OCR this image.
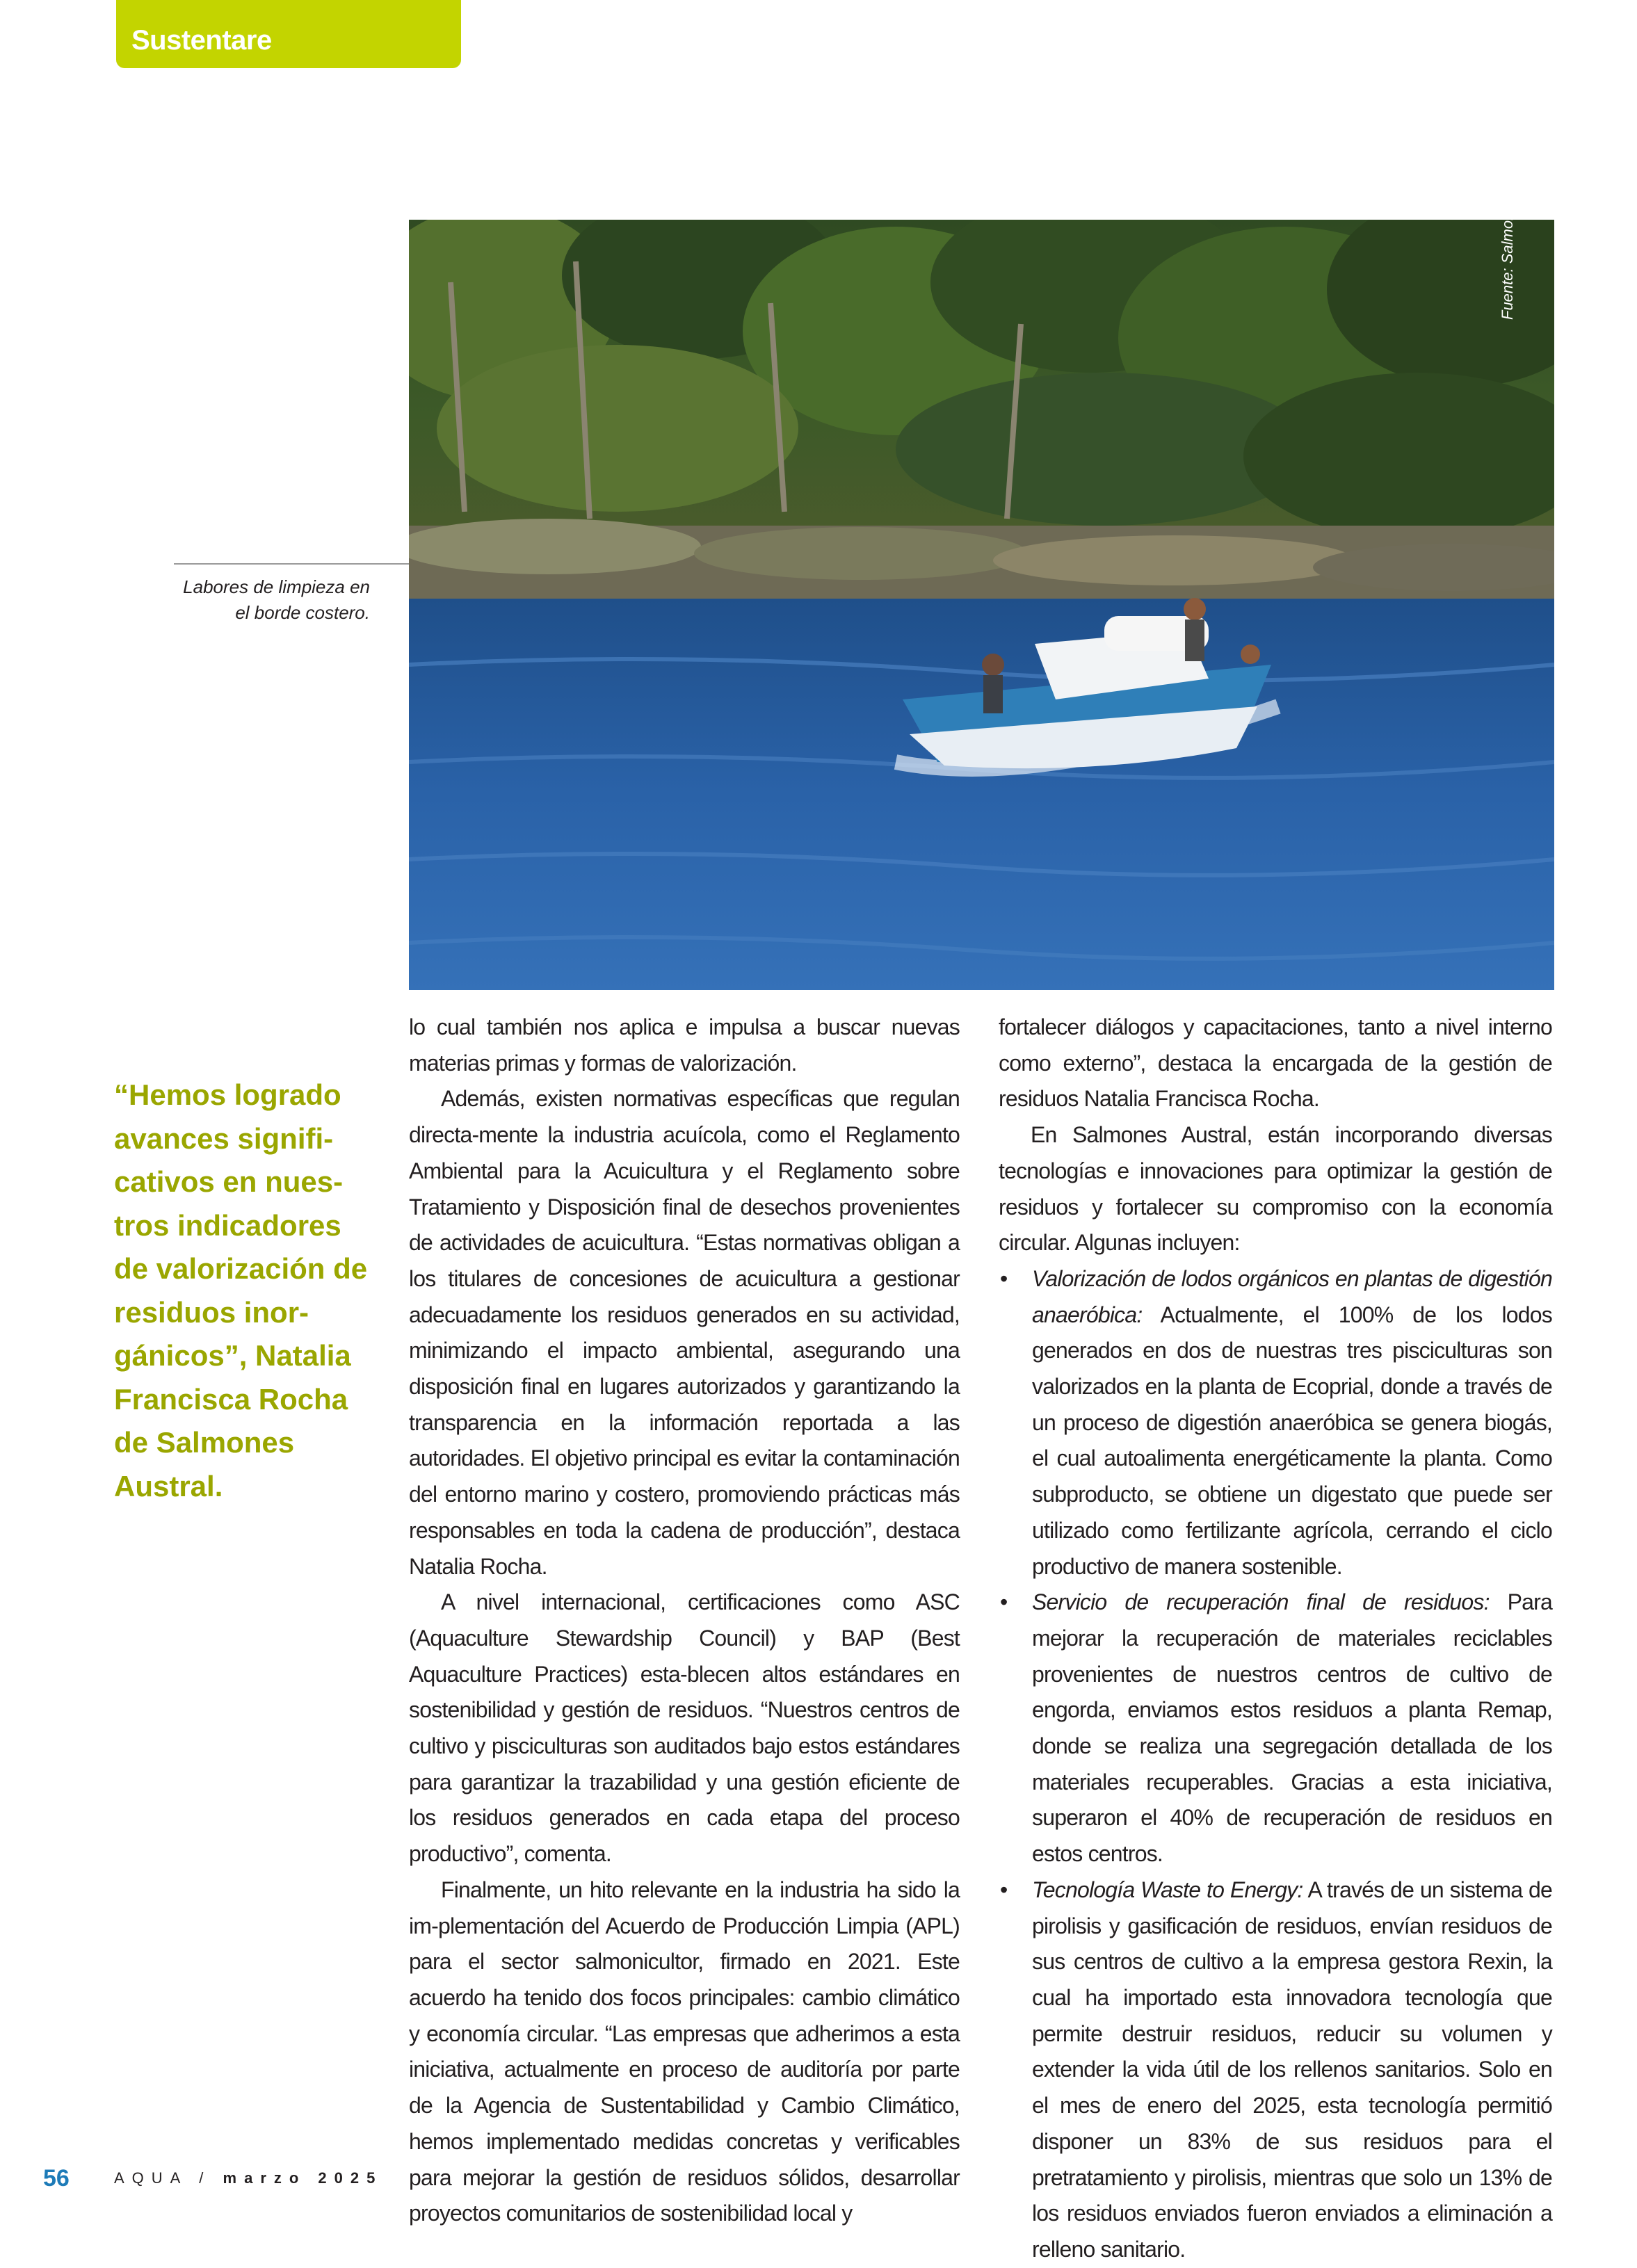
Sustentare
Fuente: SalmonChile.
Labores de limpieza en
el borde costero.
“Hemos logrado avances signifi-cativos en nues-tros indicadores de valorización de residuos inor-gánicos”, Natalia Francisca Rocha de Salmones Austral.

lo cual también nos aplica e impulsa a buscar nuevas materias primas y formas de valorización.

Además, existen normativas específicas que regulan directa-mente la industria acuícola, como el Reglamento Ambiental para la Acuicultura y el Reglamento sobre Tratamiento y Disposición final de desechos provenientes de actividades de acuicultura. “Estas normativas obligan a los titulares de concesiones de acuicultura a gestionar adecuadamente los residuos generados en su actividad, minimizando el impacto ambiental, asegurando una disposición final en lugares autorizados y garantizando la transparencia en la información reportada a las autoridades. El objetivo principal es evitar la contaminación del entorno marino y costero, promoviendo prácticas más responsables en toda la cadena de producción”, destaca Natalia Rocha.

A nivel internacional, certificaciones como ASC (Aquaculture Stewardship Council) y BAP (Best Aquaculture Practices) esta-blecen altos estándares en sostenibilidad y gestión de residuos. “Nuestros centros de cultivo y pisciculturas son auditados bajo estos estándares para garantizar la trazabilidad y una gestión eficiente de los residuos generados en cada etapa del proceso productivo”, comenta.

Finalmente, un hito relevante en la industria ha sido la im-plementación del Acuerdo de Producción Limpia (APL) para el sector salmonicultor, firmado en 2021. Este acuerdo ha tenido dos focos principales: cambio climático y economía circular. “Las empresas que adherimos a esta iniciativa, actualmente en proceso de auditoría por parte de la Agencia de Sustentabilidad y Cambio Climático, hemos implementado medidas concretas y verificables para mejorar la gestión de residuos sólidos, desarrollar proyectos comunitarios de sostenibilidad local y

fortalecer diálogos y capacitaciones, tanto a nivel interno como externo”, destaca la encargada de la gestión de residuos Natalia Francisca Rocha.

En Salmones Austral, están incorporando diversas tecnologías e innovaciones para optimizar la gestión de residuos y fortalecer su compromiso con la economía circular. Algunas incluyen:

• Valorización de lodos orgánicos en plantas de digestión anaeróbica: Actualmente, el 100% de los lodos generados en dos de nuestras tres pisciculturas son valorizados en la planta de Ecoprial, donde a través de un proceso de digestión anaeróbica se genera biogás, el cual autoalimenta energéticamente la planta. Como subproducto, se obtiene un digestato que puede ser utilizado como fertilizante agrícola, cerrando el ciclo productivo de manera sostenible.
• Servicio de recuperación final de residuos: Para mejorar la recuperación de materiales reciclables provenientes de nuestros centros de cultivo de engorda, enviamos estos residuos a planta Remap, donde se realiza una segregación detallada de los materiales recuperables. Gracias a esta iniciativa, superaron el 40% de recuperación de residuos en estos centros.
• Tecnología Waste to Energy: A través de un sistema de pirolisis y gasificación de residuos, envían residuos de sus centros de cultivo a la empresa gestora Rexin, la cual ha importado esta innovadora tecnología que permite destruir residuos, reducir su volumen y extender la vida útil de los rellenos sanitarios. Solo en el mes de enero del 2025, esta tecnología permitió disponer un 83% de sus residuos para el pretratamiento y pirolisis, mientras que solo un 13% de los residuos enviados fueron enviados a eliminación a relleno sanitario.
56	AQUA / marzo 2025
